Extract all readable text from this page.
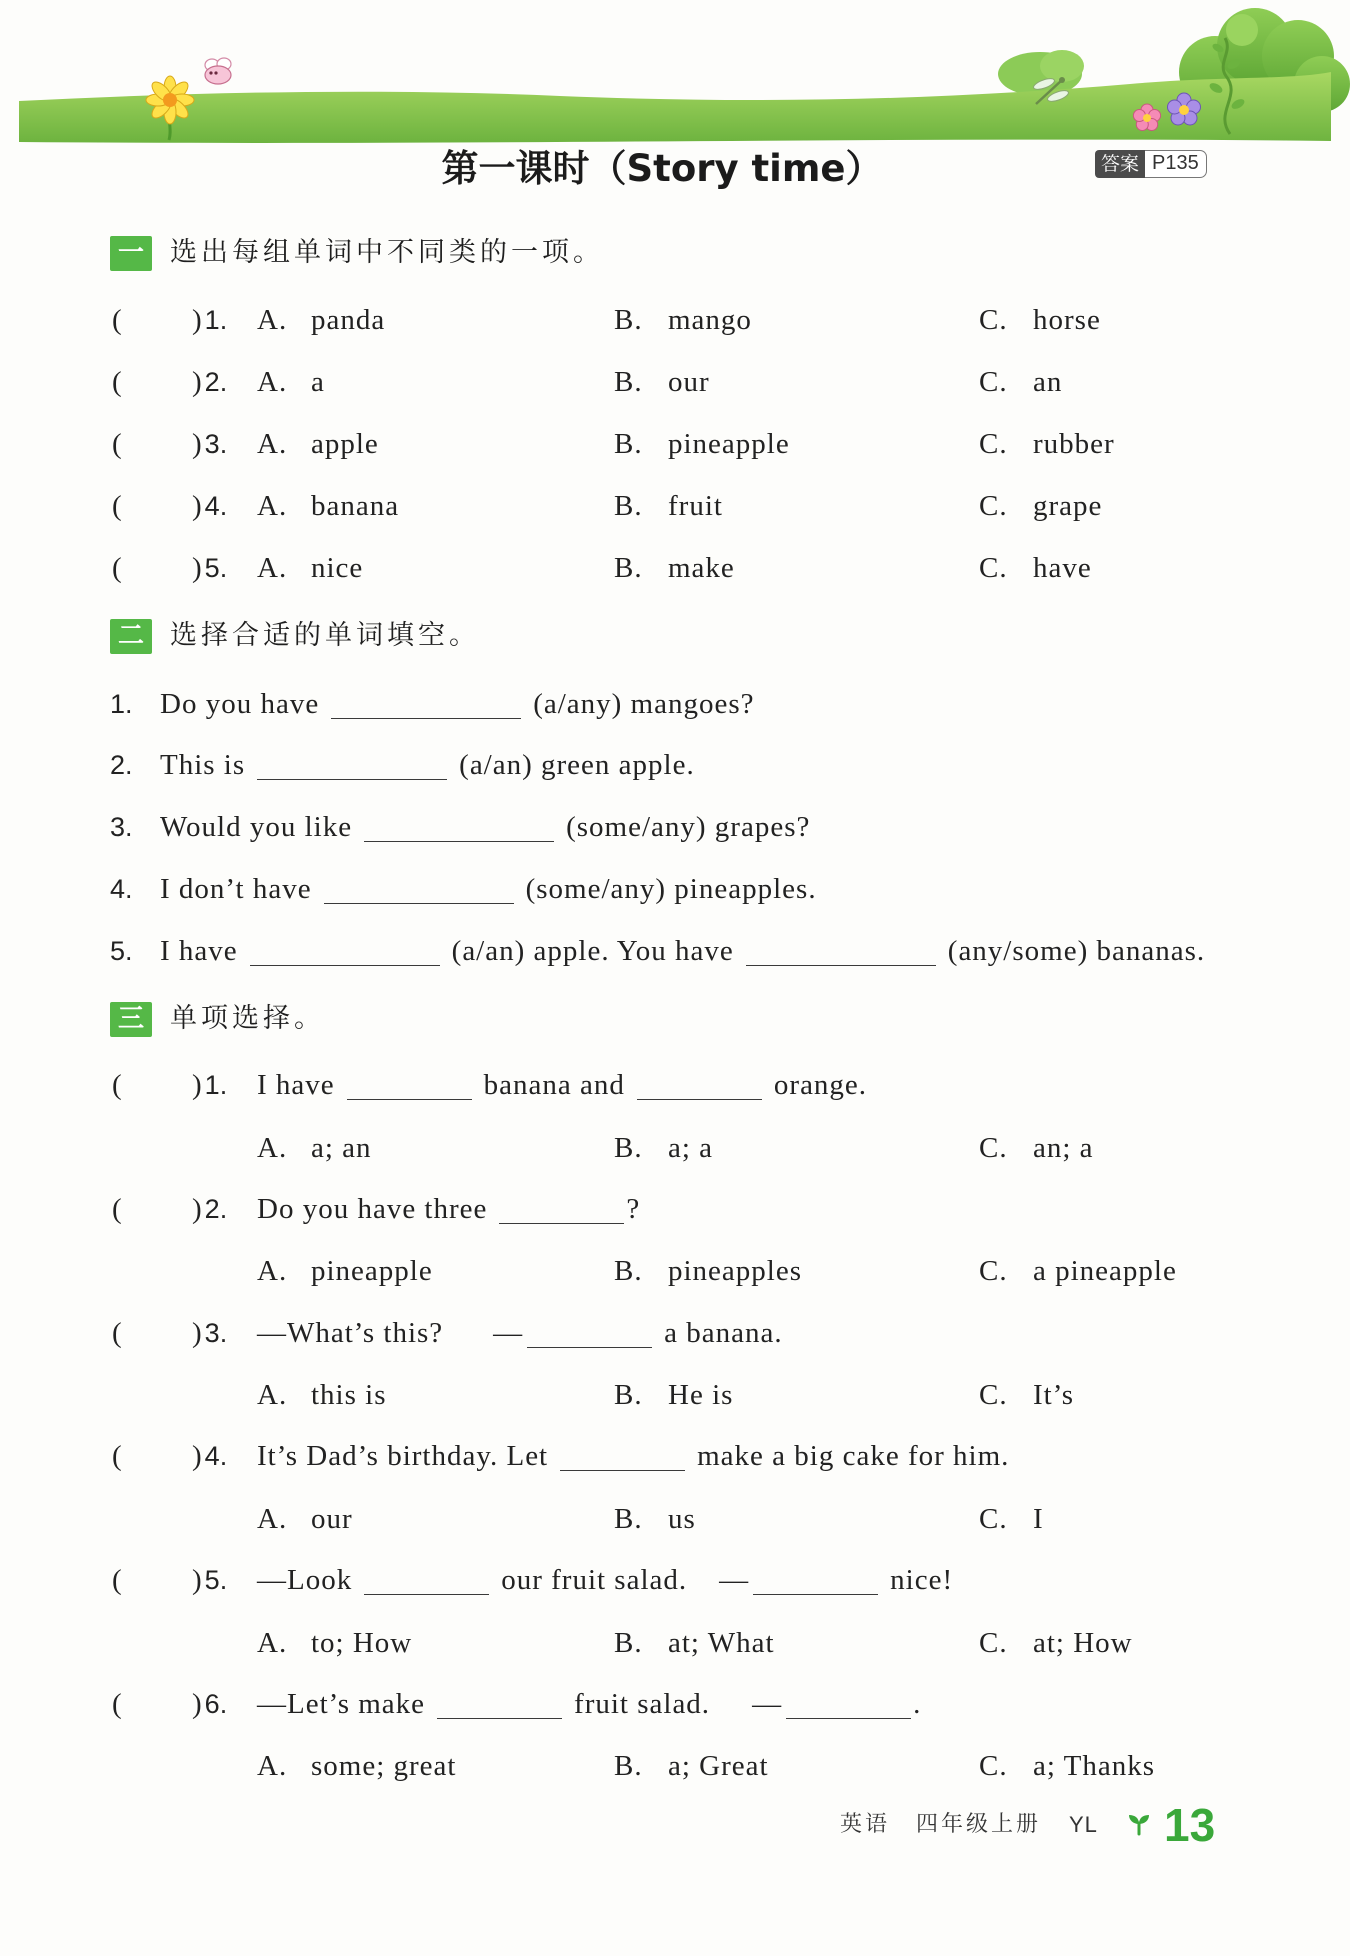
第一课时（Story time）	答案 P135
一 选出每组单词中不同类的一项。
( )1. A. panda	B. mango	C. horse
( )2. A. a	B. our	C. an
( )3. A. apple	B. pineapple	C. rubber
( )4. A. banana	B. fruit	C. grape
( )5. A. nice	B. make	C. have
二 选择合适的单词填空。
1. Do you have	(a/any) mangoes?
2. This is	(a/an) green apple.
3. Would you like	(some/any) grapes?
4. I don’t have	(some/any) pineapples.
5. I have	(a/an) apple. You have	(any/some) bananas.
三 单项选择。
( )1. I have	banana and	orange.
A. a; an	B. a; a	C. an; a
( )2. Do you have three	?
A. pineapple	B. pineapples	C. a pineapple
( )3. —What’s this? —	a banana.
A. this is	B. He is	C. It’s
( )4. It’s Dad’s birthday. Let	make a big cake for him.
A. our	B. us	C. I
( )5. —Look	our fruit salad. —	nice!
A. to; How	B. at; What	C. at; How
( )6. —Let’s make	fruit salad. —	.
A. some; great	B. a; Great	C. a; Thanks
英语 四年级上册 YL 13
